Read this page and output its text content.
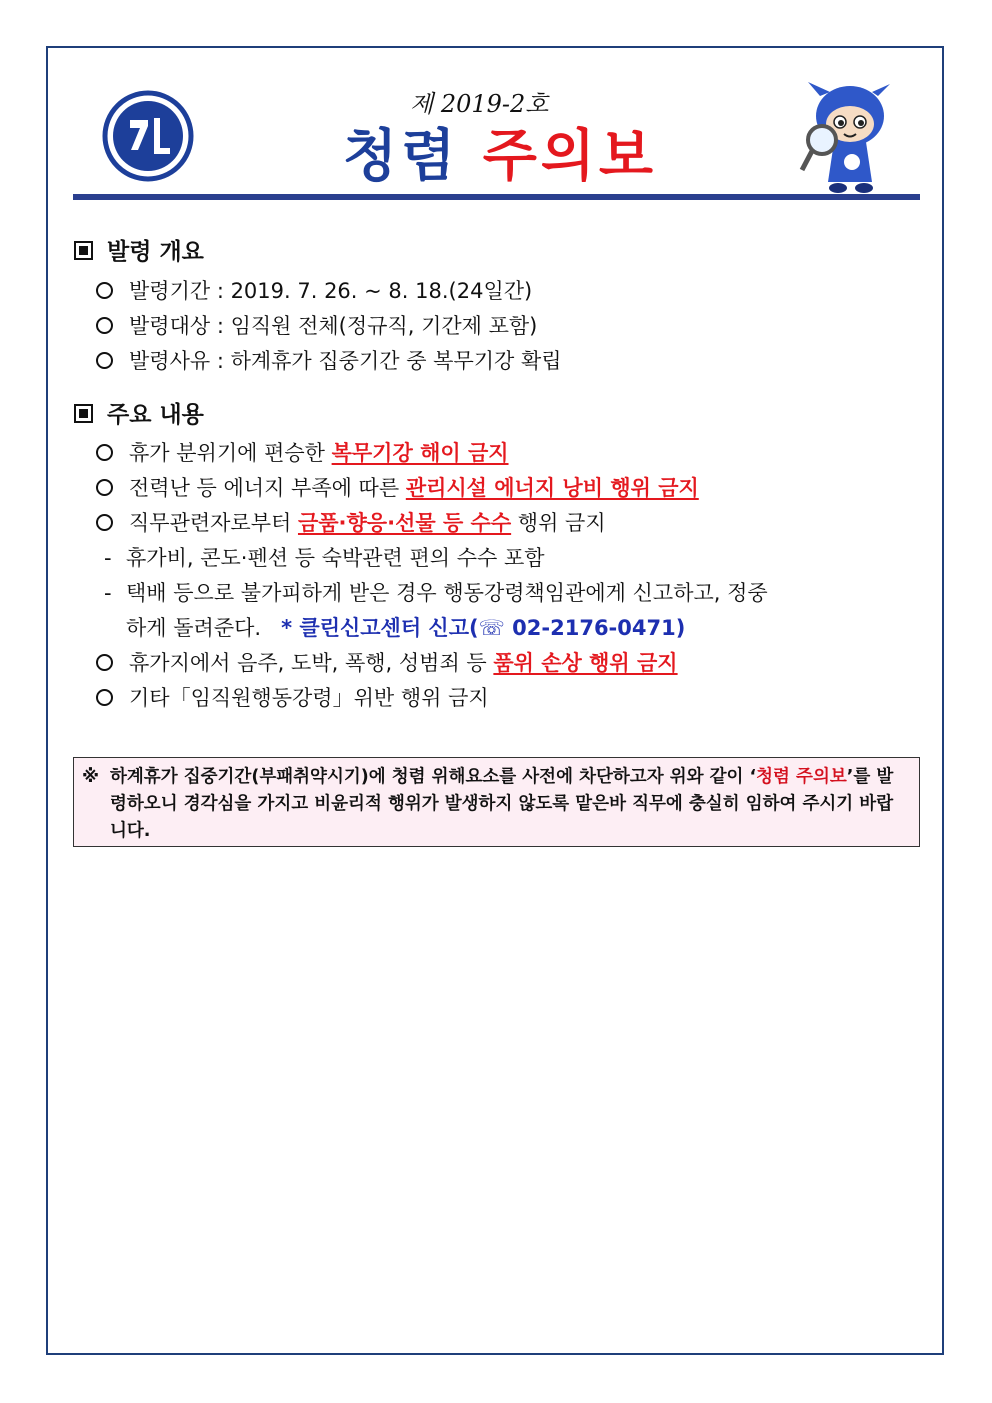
제 2019-2호
청렴 주의보
발령 개요
발령기간 : 2019. 7. 26. ~ 8. 18.(24일간)
발령대상 : 임직원 전체(정규직, 기간제 포함)
발령사유 : 하계휴가 집중기간 중 복무기강 확립
주요 내용
휴가 분위기에 편승한 복무기강 해이 금지
전력난 등 에너지 부족에 따른 관리시설 에너지 낭비 행위 금지
직무관련자로부터 금품·향응·선물 등 수수 행위 금지
- 휴가비, 콘도·펜션 등 숙박관련 편의 수수 포함
- 택배 등으로 불가피하게 받은 경우 행동강령책임관에게 신고하고, 정중
하게 돌려준다. * 클린신고센터 신고(☏ 02-2176-0471)
휴가지에서 음주, 도박, 폭행, 성범죄 등 품위 손상 행위 금지
기타「임직원행동강령」위반 행위 금지
※ 하계휴가 집중기간(부패취약시기)에 청렴 위해요소를 사전에 차단하고자 위와 같이 ‘청렴 주의보’를 발령하오니 경각심을 가지고 비윤리적 행위가 발생하지 않도록 맡은바 직무에 충실히 임하여 주시기 바랍니다.
